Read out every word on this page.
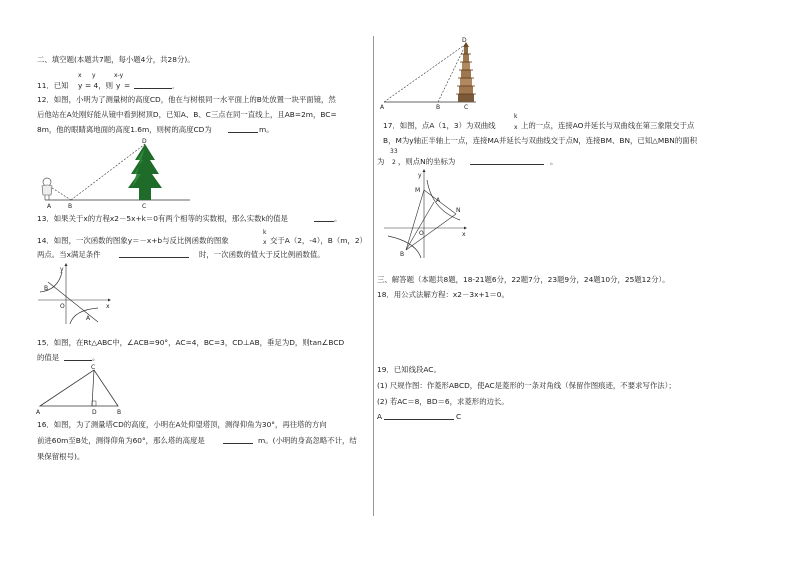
二、填空题(本题共7题，每小题4分，共28分)。
x y	x-y
11．已知 y = 4，则 y =	．
12．如图，小明为了测量树的高度CD，他在与树根同一水平面上的B处放置一块平面镜，然
后他站在A处刚好能从镜中看到树顶D，已知A、B、C三点在同一直线上，且AB=2m，BC=
8m，他的眼睛离地面的高度1.6m，则树的高度CD为	m。
A	B	C
D
13．如果关于x的方程x2－5x+k＝0有两个相等的实数根，那么实数k的值是	。
k
14．如图，一次函数的图象y＝－x+b与反比例函数的图象	x 交于A（2，-4），B（m，2）
两点。当x满足条件	时，一次函数的值大于反比例函数值。
y
x
O
B
A
15．如图，在Rt△ABC中，∠ACB=90°，AC=4，BC=3，CD⊥AB，垂足为D，则tan∠BCD
的值是	。
A	B
C
D
16．如图，为了测量塔CD的高度，小明在A处仰望塔顶，测得仰角为30°，再往塔的方向
前进60m至B处，测得仰角为60°，那么塔的高度是	m。(小明的身高忽略不计，结
果保留根号)。
A	B	C
D
k
17．如图，点A（1，3）为双曲线	x 上的一点，连接AO并延长与双曲线在第三象限交于点
B，M为y轴正半轴上一点，连接MA并延长与双曲线交于点N，连接BM、BN，已知△MBN的面积
33
为 2 ，则点N的坐标为	。
y
x
O
M
A
N
B
三、解答题（本题共8题，18-21题6分，22题7分，23题9分，24题10分，25题12分）。
18．用公式法解方程：x2－3x+1＝0。
19．已知线段AC。
(1) 尺规作图：作菱形ABCD，使AC是菱形的一条对角线（保留作图痕迹，不要求写作法）；
(2) 若AC＝8，BD＝6，求菱形的边长。
A	C
